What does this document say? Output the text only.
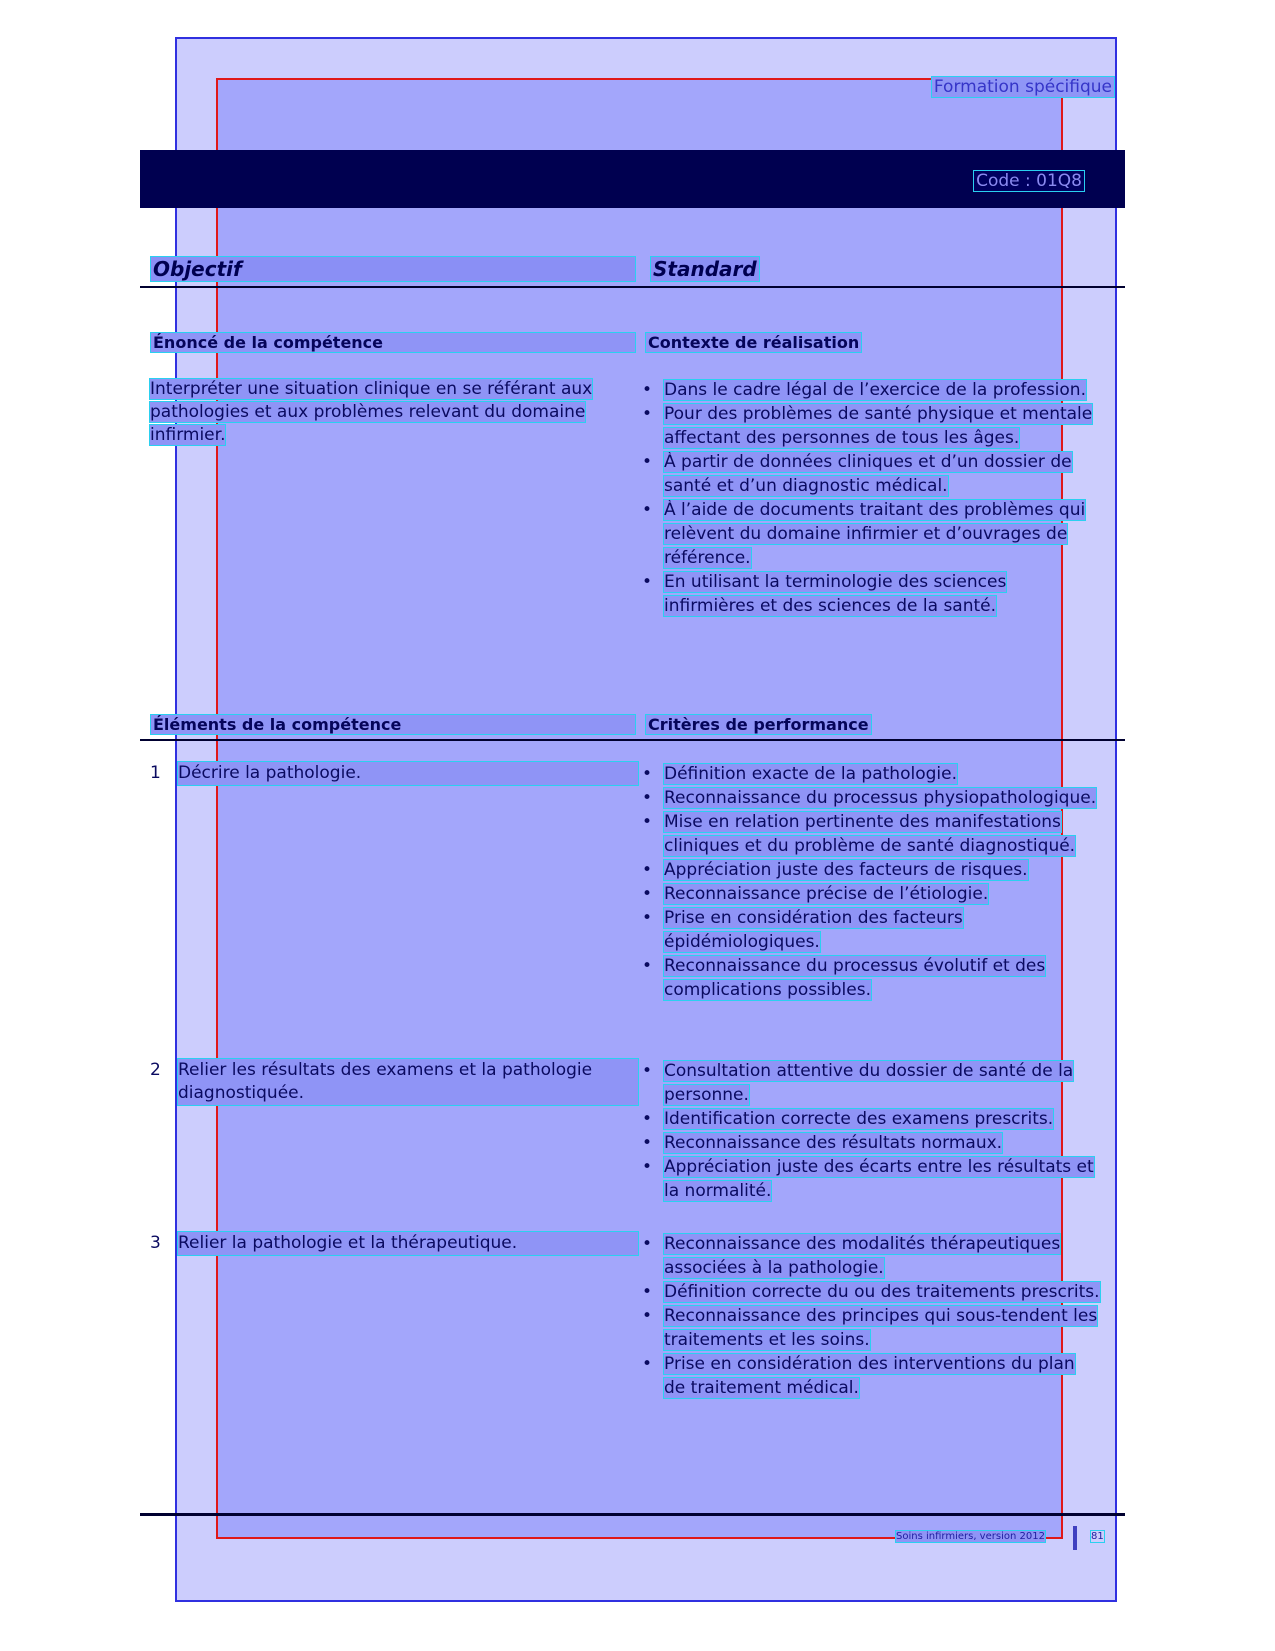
Formation spécifique
Code : 01Q8
Objectif	Standard
Énoncé de la compétence	Contexte de réalisation
Interpréter une situation clinique en se référant aux
pathologies et aux problèmes relevant du domaine
infirmier.
• Dans le cadre légal de l’exercice de la profession.
• Pour des problèmes de santé physique et mentale affectant des personnes de tous les âges.
• À partir de données cliniques et d’un dossier de santé et d’un diagnostic médical.
• À l’aide de documents traitant des problèmes qui relèvent du domaine infirmier et d’ouvrages de référence.
• En utilisant la terminologie des sciences infirmières et des sciences de la santé.
Éléments de la compétence	Critères de performance
1 Décrire la pathologie.	• Définition exacte de la pathologie.
• Reconnaissance du processus physiopathologique.
• Mise en relation pertinente des manifestations cliniques et du problème de santé diagnostiqué.
• Appréciation juste des facteurs de risques.
• Reconnaissance précise de l’étiologie.
• Prise en considération des facteurs épidémiologiques.
• Reconnaissance du processus évolutif et des complications possibles.
2 Relier les résultats des examens et la pathologie diagnostiquée.
• Consultation attentive du dossier de santé de la personne.
• Identification correcte des examens prescrits.
• Reconnaissance des résultats normaux.
• Appréciation juste des écarts entre les résultats et la normalité.
3 Relier la pathologie et la thérapeutique.	• Reconnaissance des modalités thérapeutiques associées à la pathologie.
• Définition correcte du ou des traitements prescrits.
• Reconnaissance des principes qui sous-tendent les traitements et les soins.
• Prise en considération des interventions du plan de traitement médical.
Soins infirmiers, version 2012	81
